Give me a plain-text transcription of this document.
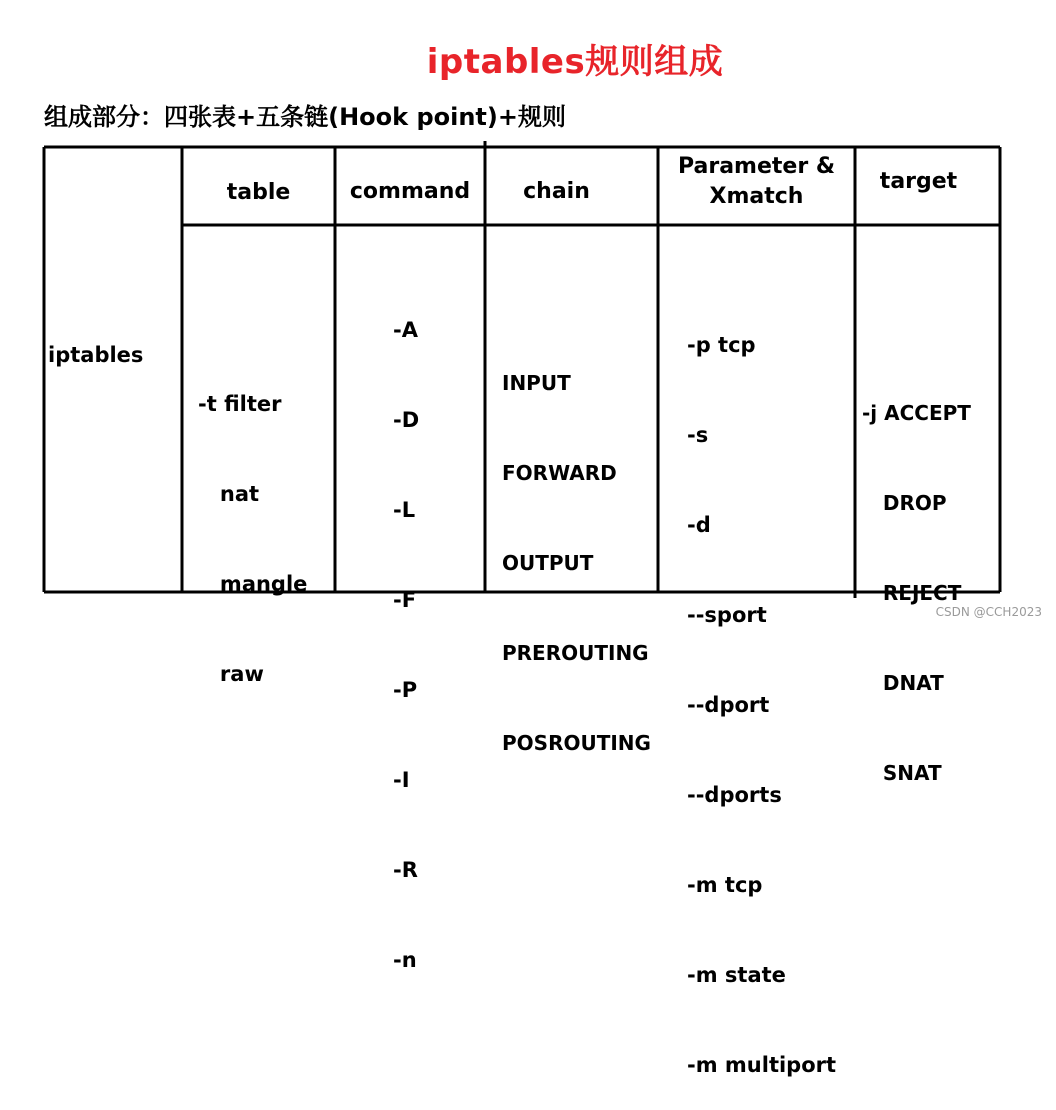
iptables规则组成
组成部分：四张表+五条链(Hook point)+规则
iptables
table	command	chain
Parameter &
Xmatch
target

-t filter

nat

mangle

raw

-A

-D

-L

-F

-P

-I

-R

-n

INPUT

FORWARD

OUTPUT

PREROUTING

POSROUTING

-p tcp

-s

-d

--sport

--dport

--dports

-m tcp

-m state

-m multiport

-j ACCEPT

DROP

REJECT

DNAT

SNAT

CSDN @CCH2023
